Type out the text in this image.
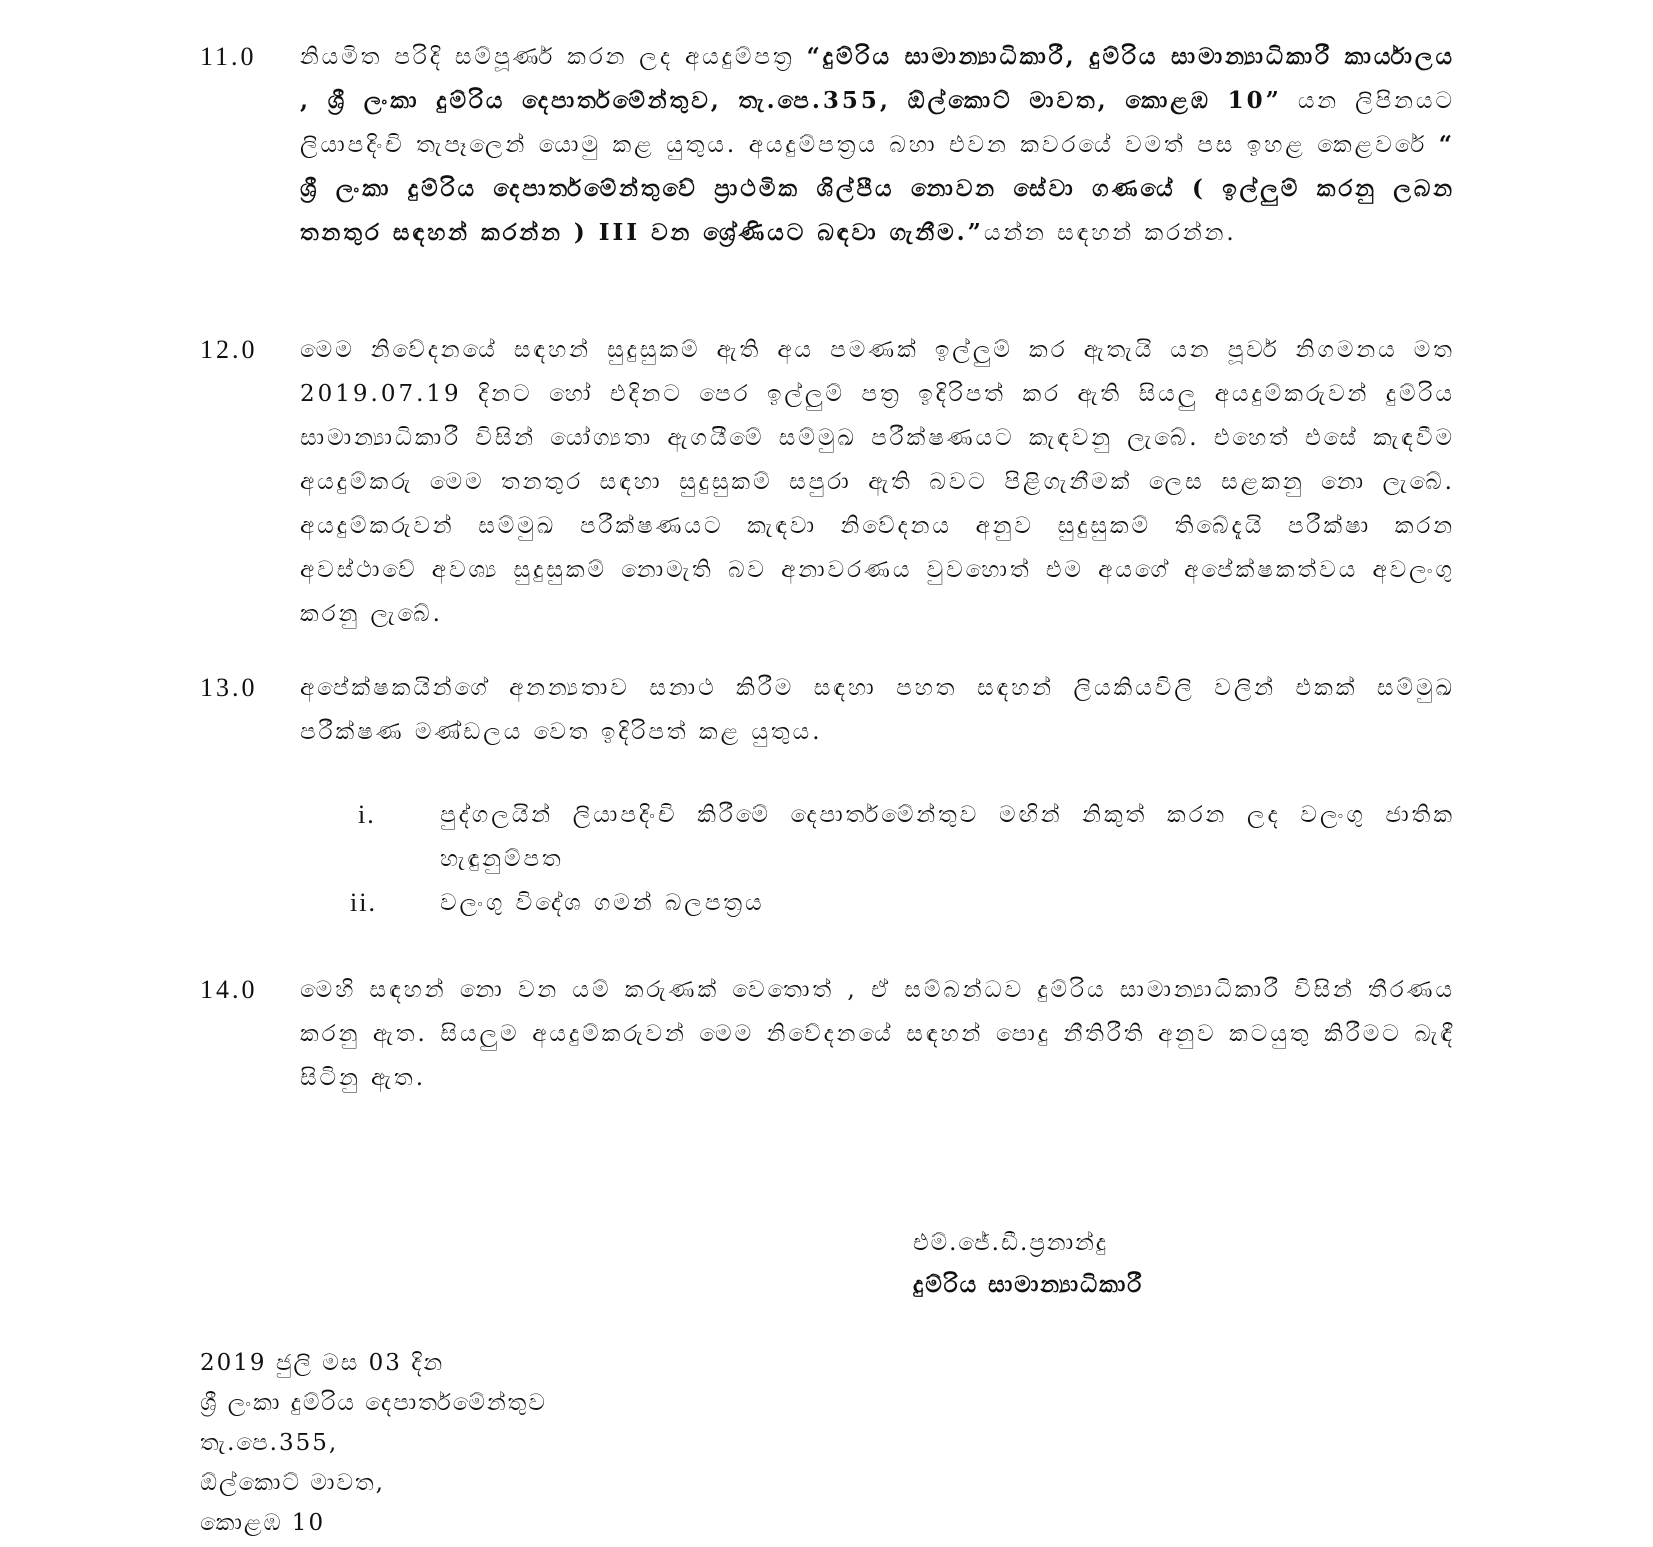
11.0 නියමිත පරිදි සම්පූර්ණ කරන ලද අයදුම්පත්‍ර “දුම්රිය සාමාන්‍යාධිකාරී, දුම්රිය සාමාන්‍යාධිකාරී කාර්යාලය , ශ්‍රී ලංකා දුම්රිය දෙපාර්තමේන්තුව, තැ.පෙ.355, ඕල්කොට් මාවත, කොළඹ 10” යන ලිපිනයට ලියාපදිංචි තැපෑලෙන් යොමු කළ යුතුය. අයදුම්පත්‍රය බහා එවන කවරයේ වමත් පස ඉහළ කෙළවරේ “ ශ්‍රී ලංකා දුම්රිය දෙපාර්තමේන්තුවේ ප්‍රාථමික ශිල්පීය නොවන සේවා ගණයේ ( ඉල්ලුම් කරනු ලබන තනතුර සඳහන් කරන්න ) III වන ශ්‍රේණියට බඳවා ගැනීම.”යන්න සඳහන් කරන්න.
12.0 මෙම නිවේදනයේ සඳහන් සුදුසුකම් ඇති අය පමණක් ඉල්ලුම් කර ඇතැයි යන පූර්ව නිගමනය මත 2019.07.19 දිනට හෝ එදිනට පෙර ඉල්ලුම් පත්‍ර ඉදිරිපත් කර ඇති සියලු අයදුම්කරුවන් දුම්රිය සාමාන්‍යාධිකාරී විසින් යෝග්‍යතා ඇගයීමේ සම්මුඛ පරීක්ෂණයට කැඳවනු ලැබේ. එහෙත් එසේ කැඳවීම අයදුම්කරු මෙම තනතුර සඳහා සුදුසුකම් සපුරා ඇති බවට පිළිගැනීමක් ලෙස සළකනු නො ලැබේ. අයදුම්කරුවන් සම්මුඛ පරීක්ෂණයට කැඳවා නිවේදනය අනුව සුදුසුකම් තිබේදැයි පරීක්ෂා කරන අවස්ථාවේ අවශ්‍ය සුදුසුකම් නොමැති බව අනාවරණය වුවහොත් එම අයගේ අපේක්ෂකත්වය අවලංගු කරනු ලැබේ.
13.0 අපේක්ෂකයින්ගේ අනන්‍යතාව සනාථ කිරීම සඳහා පහත සඳහන් ලියකියවිලි වලින් එකක් සම්මුඛ පරීක්ෂණ මණ්ඩලය වෙත ඉදිරිපත් කළ යුතුය.
i.	පුද්ගලයින් ලියාපදිංචි කිරීමේ දෙපාර්තමේන්තුව මඟින් නිකුත් කරන ලද වලංගු ජාතික හැඳුනුම්පත
ii.	වලංගු විදේශ ගමන් බලපත්‍රය
14.0 මෙහි සඳහන් නො වන යම් කරුණක් වෙතොත් , ඒ සම්බන්ධව දුම්රිය සාමාන්‍යාධිකාරී විසින් තීරණය කරනු ඇත. සියලුම අයදුම්කරුවන් මෙම නිවේදනයේ සඳහන් පොදු නීතිරීති අනුව කටයුතු කිරීමට බැඳී සිටිනු ඇත.
එම්.ජේ.ඩී.ප්‍රනාන්දු
දුම්රිය සාමාන්‍යාධිකාරී
2019 ජුලි මස 03 දින
ශ්‍රී ලංකා දුම්රිය දෙපාර්තමේන්තුව
තැ.පෙ.355,
ඕල්කොට් මාවත,
කොළඹ 10
